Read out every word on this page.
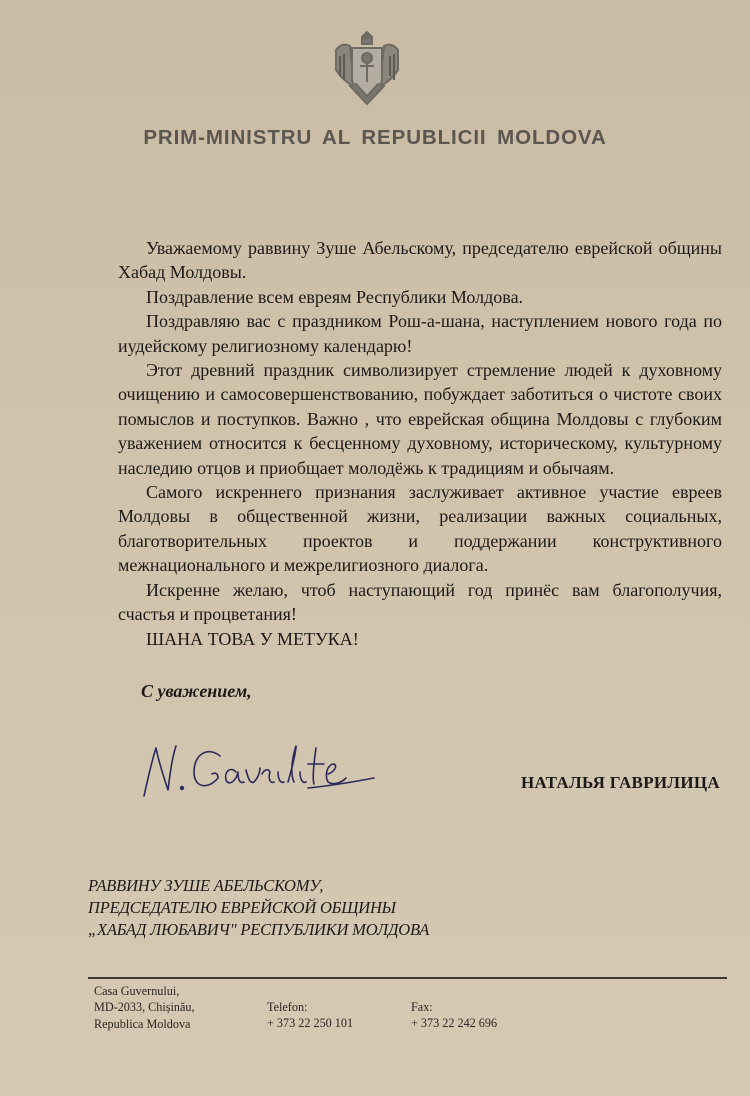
PRIM-MINISTRU AL REPUBLICII MOLDOVA

Уважаемому раввину Зуше Абельскому, председателю еврейской общины Хабад Молдовы.

Поздравление всем евреям Республики Молдова.

Поздравляю вас с праздником Рош-а-шана, наступлением нового года по иудейскому религиозному календарю!

Этот древний праздник символизирует стремление людей к духовному очищению и самосовершенствованию, побуждает заботиться о чистоте своих помыслов и поступков. Важно , что еврейская община Молдовы с глубоким уважением относится к бесценному духовному, историческому, культурному наследию отцов и приобщает молодёжь к традициям и обычаям.

Самого искреннего признания заслуживает активное участие евреев Молдовы в общественной жизни, реализации важных социальных, благотворительных проектов и поддержании конструктивного межнационального и межрелигиозного диалога.

Искренне желаю, чтоб наступающий год принёс вам благополучия, счастья и процветания!

ШАНА ТОВА У МЕТУКА!

С уважением,
НАТАЛЬЯ ГАВРИЛИЦА
РАВВИНУ ЗУШЕ АБЕЛЬСКОМУ,
ПРЕДСЕДАТЕЛЮ ЕВРЕЙСКОЙ ОБЩИНЫ
„ХАБАД ЛЮБАВИЧ" РЕСПУБЛИКИ МОЛДОВА
Casa Guvernului,
MD-2033, Chișinău,
Republica Moldova
Telefon:
+ 373 22 250 101
Fax:
+ 373 22 242 696
